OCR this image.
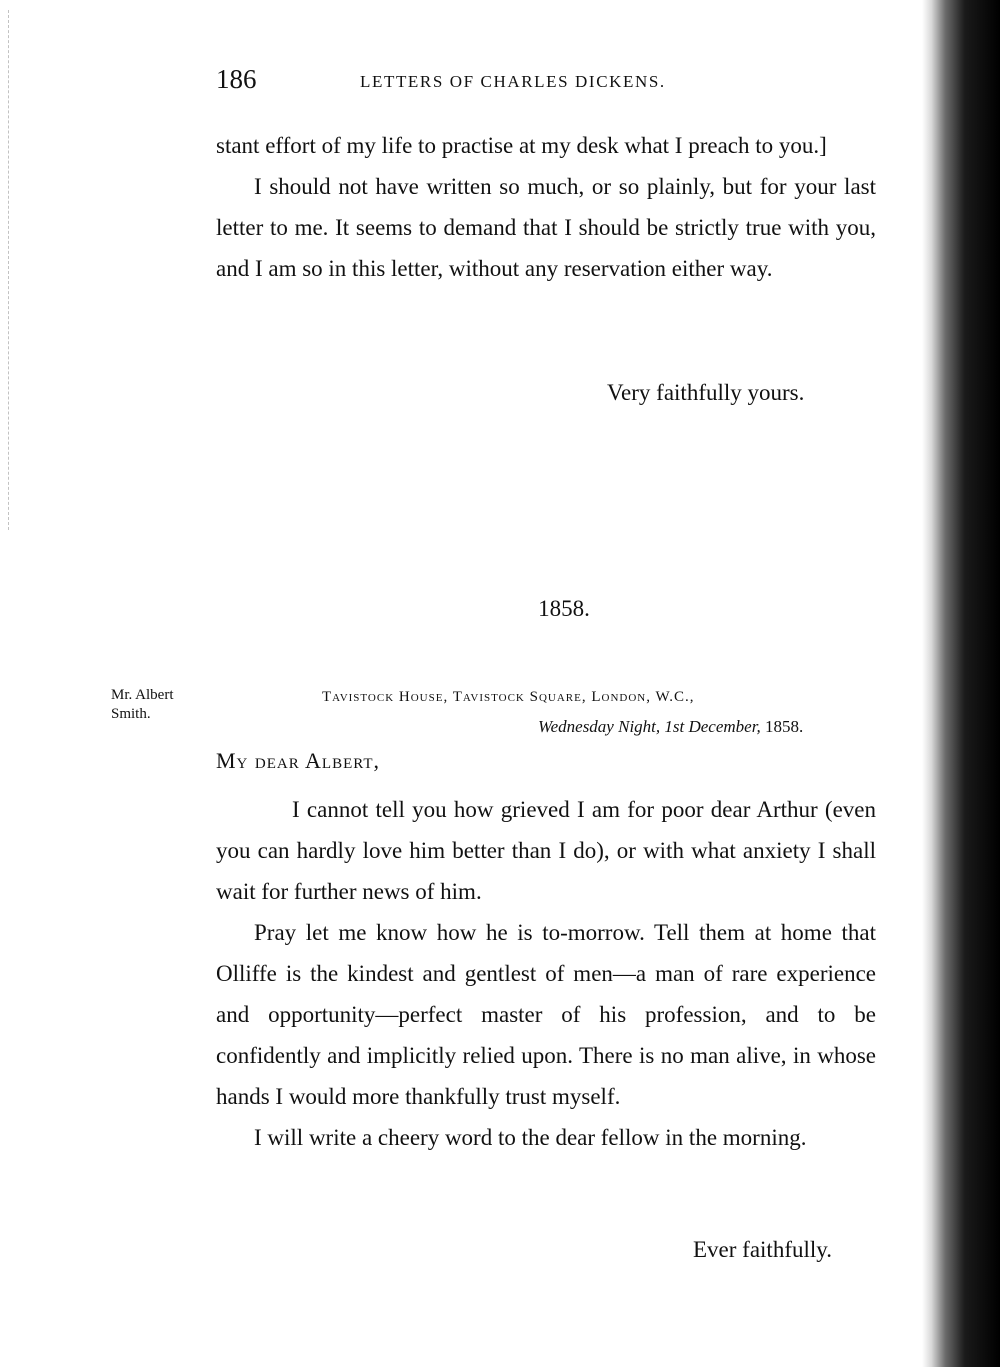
186	LETTERS OF CHARLES DICKENS.

stant effort of my life to practise at my desk what I preach to you.]

I should not have written so much, or so plainly, but for your last letter to me. It seems to demand that I should be strictly true with you, and I am so in this letter, without any reservation either way.

Very faithfully yours.
1858.
Mr. Albert
Smith.
Tavistock House, Tavistock Square, London, W.C.,
Wednesday Night, 1st December, 1858.
My dear Albert,

I cannot tell you how grieved I am for poor dear Arthur (even you can hardly love him better than I do), or with what anxiety I shall wait for further news of him.

Pray let me know how he is to-morrow. Tell them at home that Olliffe is the kindest and gentlest of men—a man of rare experience and opportunity—perfect master of his profession, and to be confidently and implicitly relied upon. There is no man alive, in whose hands I would more thankfully trust myself.

I will write a cheery word to the dear fellow in the morning.

Ever faithfully.
